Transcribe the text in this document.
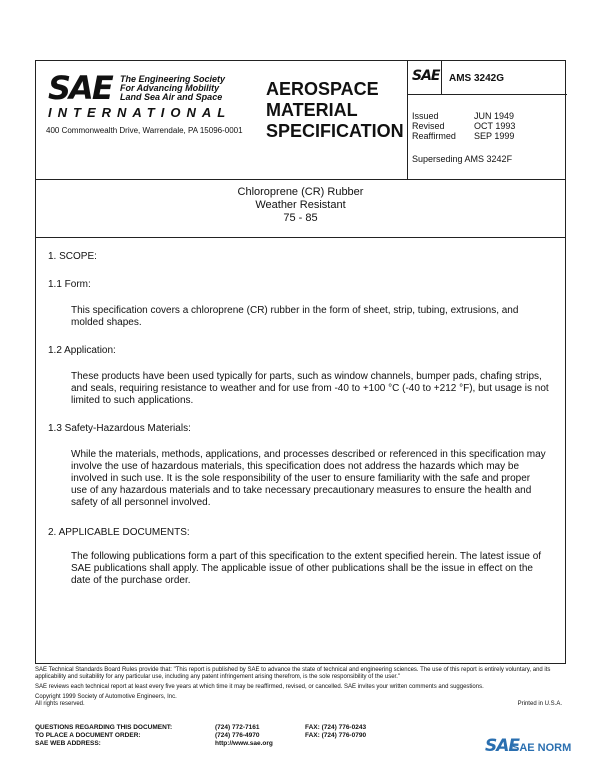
SAE The Engineering Society
For Advancing Mobility
Land Sea Air and Space
INTERNATIONAL
400 Commonwealth Drive, Warrendale, PA 15096-0001
AEROSPACE
MATERIAL
SPECIFICATION
SAE AMS 3242G
Issued	JUN 1949
Revised	OCT 1993
Reaffirmed	SEP 1999
Superseding AMS 3242F
Chloroprene (CR) Rubber
Weather Resistant
75 - 85

1. SCOPE:

1.1 Form:

This specification covers a chloroprene (CR) rubber in the form of sheet, strip, tubing, extrusions, and molded shapes.

1.2 Application:

These products have been used typically for parts, such as window channels, bumper pads, chafing strips, and seals, requiring resistance to weather and for use from -40 to +100 °C (-40 to +212 °F), but usage is not limited to such applications.

1.3 Safety-Hazardous Materials:

While the materials, methods, applications, and processes described or referenced in this specification may involve the use of hazardous materials, this specification does not address the hazards which may be involved in such use. It is the sole responsibility of the user to ensure familiarity with the safe and proper use of any hazardous materials and to take necessary precautionary measures to ensure the health and safety of all personnel involved.

2. APPLICABLE DOCUMENTS:

The following publications form a part of this specification to the extent specified herein. The latest issue of SAE publications shall apply. The applicable issue of other publications shall be the issue in effect on the date of the purchase order.

SAE Technical Standards Board Rules provide that: "This report is published by SAE to advance the state of technical and engineering sciences. The use of this report is entirely voluntary, and its applicability and suitability for any particular use, including any patent infringement arising therefrom, is the sole responsibility of the user."
SAE reviews each technical report at least every five years at which time it may be reaffirmed, revised, or cancelled. SAE invites your written comments and suggestions.
Copyright 1999 Society of Automotive Engineers, Inc.
All rights reserved.	Printed in U.S.A.
QUESTIONS REGARDING THIS DOCUMENT:	(724) 772-7161	FAX: (724) 776-0243
TO PLACE A DOCUMENT ORDER:	(724) 776-4970	FAX: (724) 776-0790
SAE WEB ADDRESS:	http://www.sae.org		SAE
SAE NORM
